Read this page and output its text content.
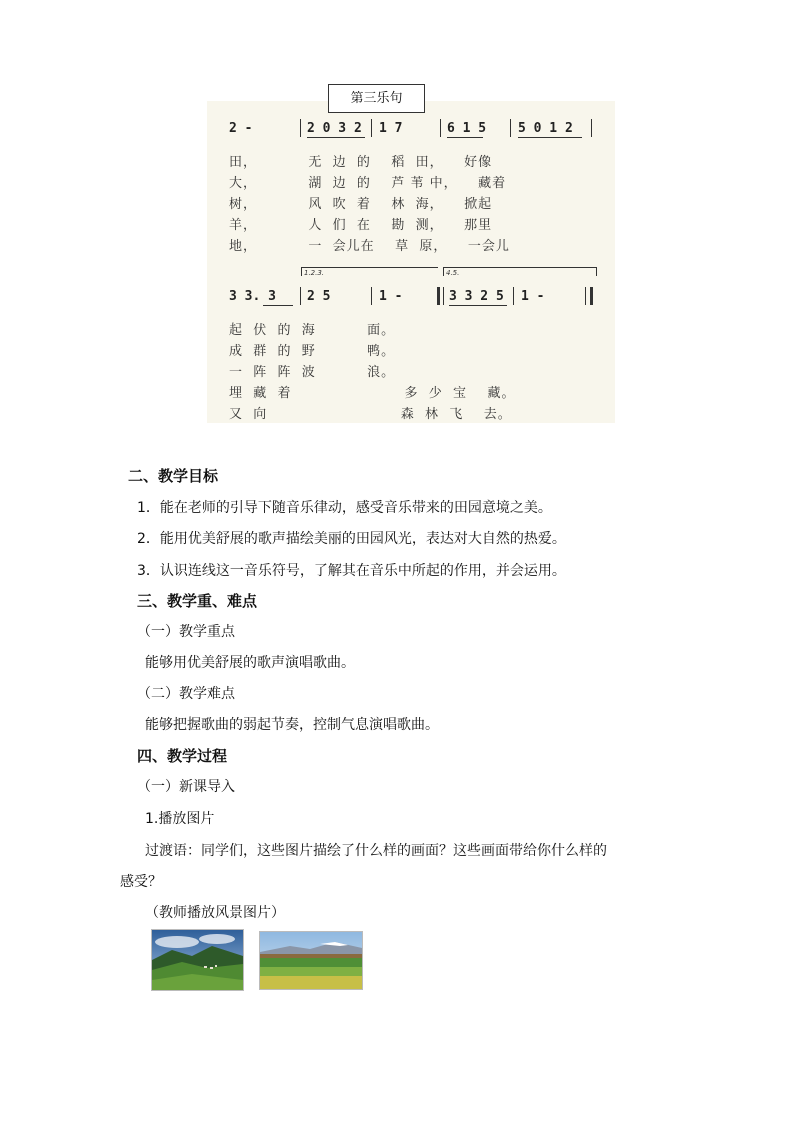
2 -	2 0 3 2 1 7	6 1 5 5 0 1 2
田，          无  边  的    稻  田，    好像
大，          湖  边  的    芦 苇 中，    藏着
树，          风  吹  着    林  海，    掀起
羊，          人  们  在    勘  测，    那里
地，          一  会儿在    草  原，    一会儿
1.2.3.	4.5.
3 3. 3 2 5	1 -	3 3 2 5 1 -
起  伏  的  海          面。
成  群  的  野          鸭。
一  阵  阵  波          浪。
埋  藏  着                      多  少  宝    藏。
又  向                          森  林  飞    去。
第三乐句
二、教学目标
1．能在老师的引导下随音乐律动，感受音乐带来的田园意境之美。
2．能用优美舒展的歌声描绘美丽的田园风光，表达对大自然的热爱。
3．认识连线这一音乐符号，了解其在音乐中所起的作用，并会运用。
三、教学重、难点
（一）教学重点
能够用优美舒展的歌声演唱歌曲。
（二）教学难点
能够把握歌曲的弱起节奏，控制气息演唱歌曲。
四、教学过程
（一）新课导入
1.播放图片
过渡语：同学们，这些图片描绘了什么样的画面？这些画面带给你什么样的
感受？
（教师播放风景图片）
